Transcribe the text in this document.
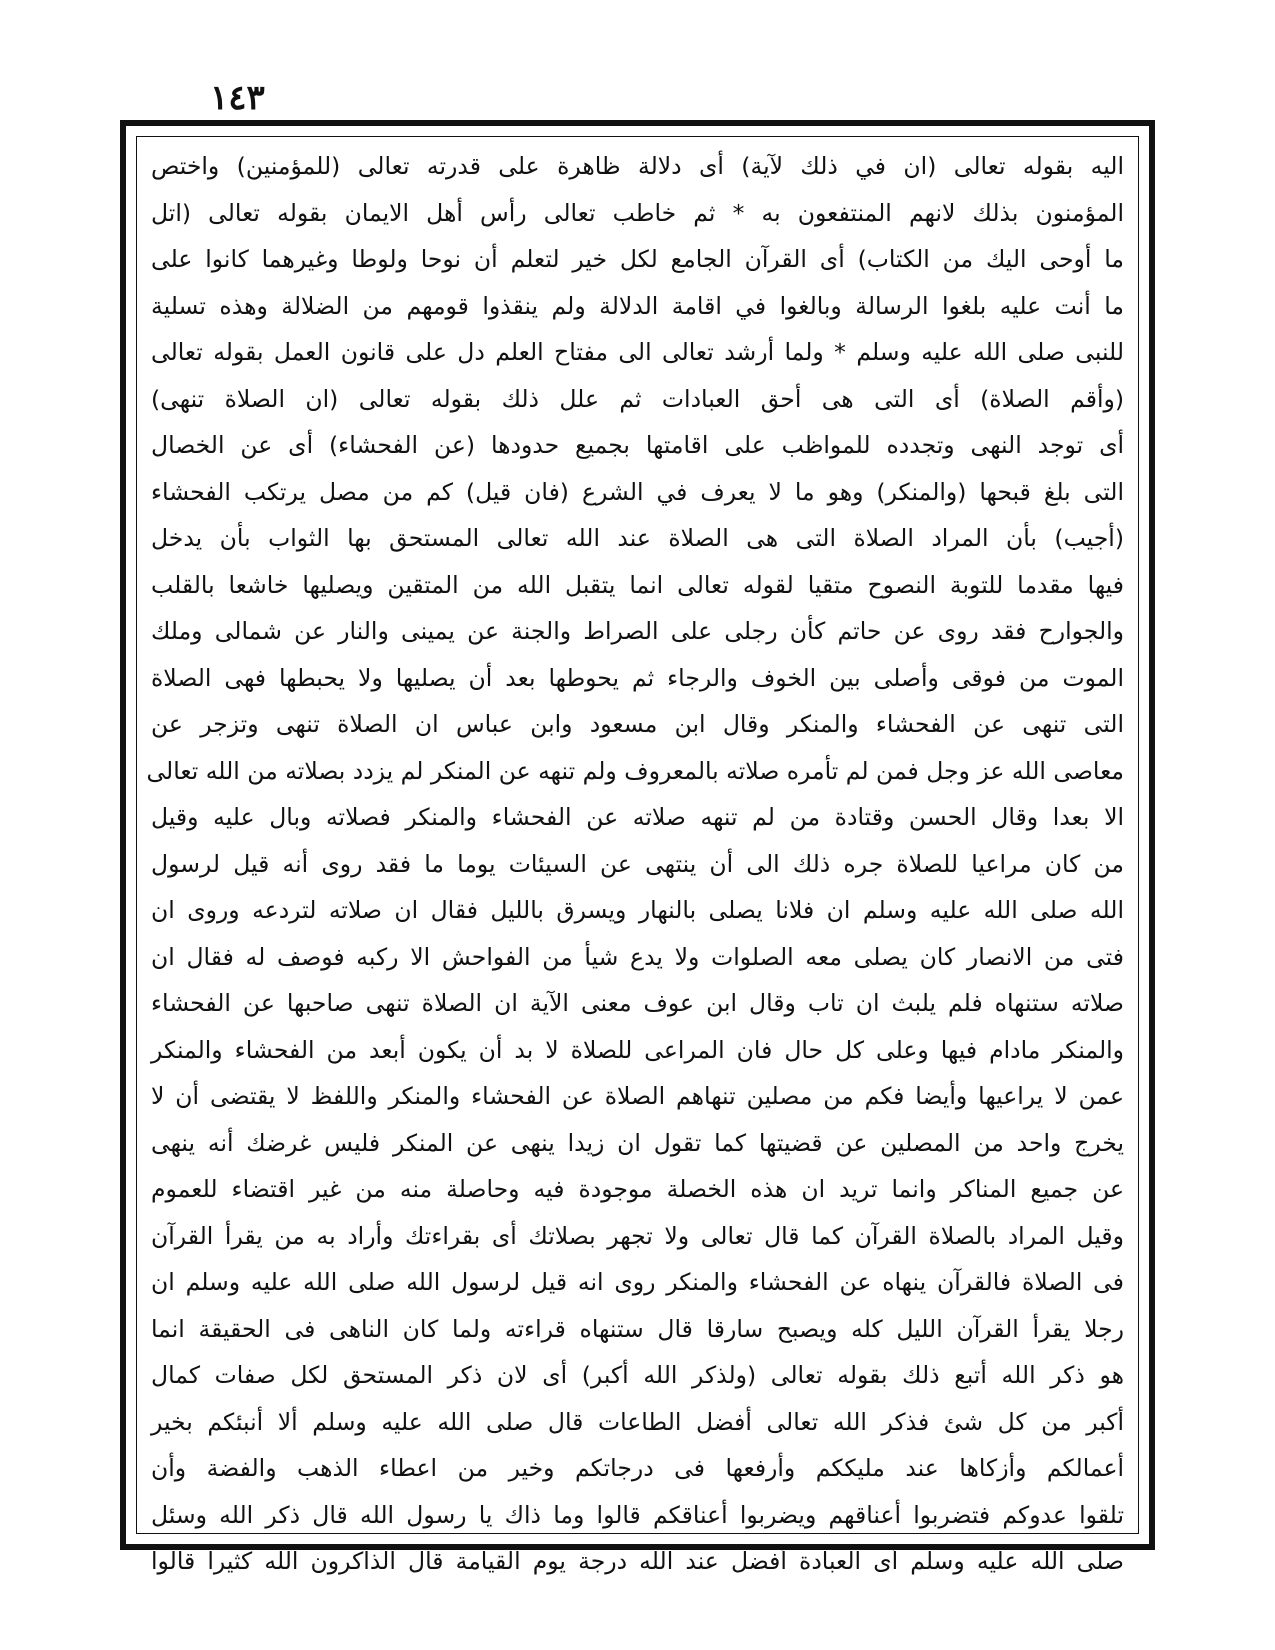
١٤٣
اليه بقوله تعالى (ان في ذلك لآية) أى دلالة ظاهرة على قدرته تعالى (للمؤمنين) واختص
المؤمنون بذلك لانهم المنتفعون به * ثم خاطب تعالى رأس أهل الايمان بقوله تعالى (اتل
ما أوحى اليك من الكتاب) أى القرآن الجامع لكل خير لتعلم أن نوحا ولوطا وغيرهما كانوا على
ما أنت عليه بلغوا الرسالة وبالغوا في اقامة الدلالة ولم ينقذوا قومهم من الضلالة وهذه تسلية
للنبى صلى الله عليه وسلم * ولما أرشد تعالى الى مفتاح العلم دل على قانون العمل بقوله تعالى
(وأقم الصلاة) أى التى هى أحق العبادات ثم علل ذلك بقوله تعالى (ان الصلاة تنهى)
أى توجد النهى وتجدده للمواظب على اقامتها بجميع حدودها (عن الفحشاء) أى عن الخصال
التى بلغ قبحها (والمنكر) وهو ما لا يعرف في الشرع (فان قيل) كم من مصل يرتكب الفحشاء
(أجيب) بأن المراد الصلاة التى هى الصلاة عند الله تعالى المستحق بها الثواب بأن يدخل
فيها مقدما للتوبة النصوح متقيا لقوله تعالى انما يتقبل الله من المتقين ويصليها خاشعا بالقلب
والجوارح فقد روى عن حاتم كأن رجلى على الصراط والجنة عن يمينى والنار عن شمالى وملك
الموت من فوقى وأصلى بين الخوف والرجاء ثم يحوطها بعد أن يصليها ولا يحبطها فهى الصلاة
التى تنهى عن الفحشاء والمنكر وقال ابن مسعود وابن عباس ان الصلاة تنهى وتزجر عن
معاصى الله عز وجل فمن لم تأمره صلاته بالمعروف ولم تنهه عن المنكر لم يزدد بصلاته من الله تعالى
الا بعدا وقال الحسن وقتادة من لم تنهه صلاته عن الفحشاء والمنكر فصلاته وبال عليه وقيل
من كان مراعيا للصلاة جره ذلك الى أن ينتهى عن السيئات يوما ما فقد روى أنه قيل لرسول
الله صلى الله عليه وسلم ان فلانا يصلى بالنهار ويسرق بالليل فقال ان صلاته لتردعه وروى ان
فتى من الانصار كان يصلى معه الصلوات ولا يدع شيأ من الفواحش الا ركبه فوصف له فقال ان
صلاته ستنهاه فلم يلبث ان تاب وقال ابن عوف معنى الآية ان الصلاة تنهى صاحبها عن الفحشاء
والمنكر مادام فيها وعلى كل حال فان المراعى للصلاة لا بد أن يكون أبعد من الفحشاء والمنكر
عمن لا يراعيها وأيضا فكم من مصلين تنهاهم الصلاة عن الفحشاء والمنكر واللفظ لا يقتضى أن لا
يخرج واحد من المصلين عن قضيتها كما تقول ان زيدا ينهى عن المنكر فليس غرضك أنه ينهى
عن جميع المناكر وانما تريد ان هذه الخصلة موجودة فيه وحاصلة منه من غير اقتضاء للعموم
وقيل المراد بالصلاة القرآن كما قال تعالى ولا تجهر بصلاتك أى بقراءتك وأراد به من يقرأ القرآن
فى الصلاة فالقرآن ينهاه عن الفحشاء والمنكر روى انه قيل لرسول الله صلى الله عليه وسلم ان
رجلا يقرأ القرآن الليل كله ويصبح سارقا قال ستنهاه قراءته ولما كان الناهى فى الحقيقة انما
هو ذكر الله أتبع ذلك بقوله تعالى (ولذكر الله أكبر) أى لان ذكر المستحق لكل صفات كمال
أكبر من كل شئ فذكر الله تعالى أفضل الطاعات قال صلى الله عليه وسلم ألا أنبئكم بخير
أعمالكم وأزكاها عند مليككم وأرفعها فى درجاتكم وخير من اعطاء الذهب والفضة وأن
تلقوا عدوكم فتضربوا أعناقهم ويضربوا أعناقكم قالوا وما ذاك يا رسول الله قال ذكر الله وسئل
صلى الله عليه وسلم أى العبادة أفضل عند الله درجة يوم القيامة قال الذاكرون الله كثيرا قالوا
